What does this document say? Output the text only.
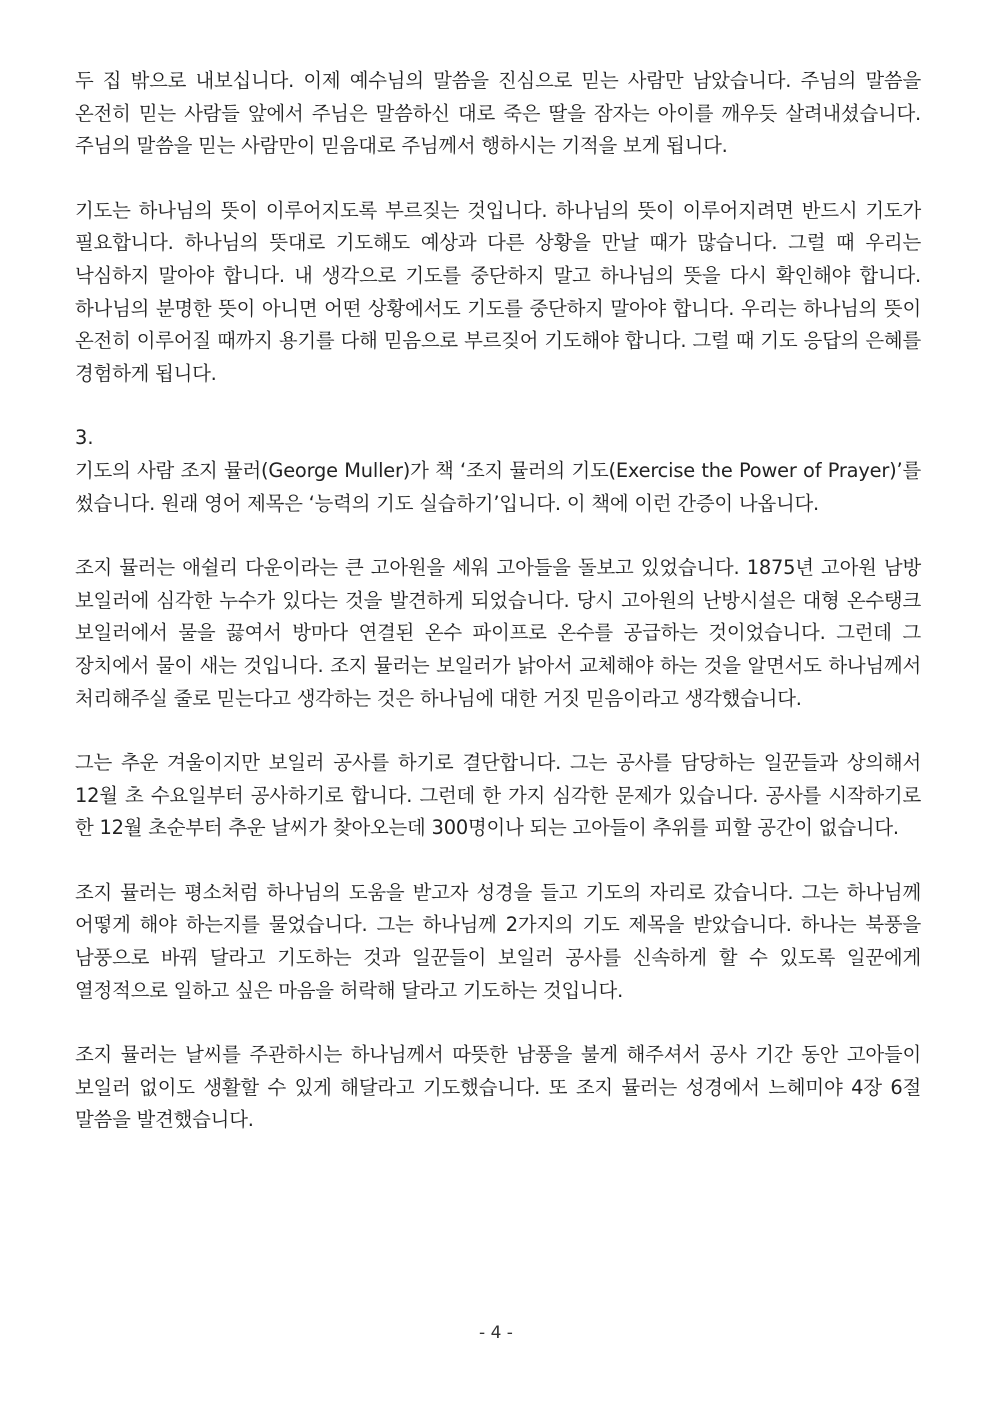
두 집 밖으로 내보십니다. 이제 예수님의 말씀을 진심으로 믿는 사람만 남았습니다. 주님의 말씀을 온전히 믿는 사람들 앞에서 주님은 말씀하신 대로 죽은 딸을 잠자는 아이를 깨우듯 살려내셨습니다. 주님의 말씀을 믿는 사람만이 믿음대로 주님께서 행하시는 기적을 보게 됩니다.

기도는 하나님의 뜻이 이루어지도록 부르짖는 것입니다. 하나님의 뜻이 이루어지려면 반드시 기도가 필요합니다. 하나님의 뜻대로 기도해도 예상과 다른 상황을 만날 때가 많습니다. 그럴 때 우리는 낙심하지 말아야 합니다. 내 생각으로 기도를 중단하지 말고 하나님의 뜻을 다시 확인해야 합니다. 하나님의 분명한 뜻이 아니면 어떤 상황에서도 기도를 중단하지 말아야 합니다. 우리는 하나님의 뜻이 온전히 이루어질 때까지 용기를 다해 믿음으로 부르짖어 기도해야 합니다. 그럴 때 기도 응답의 은혜를 경험하게 됩니다.

3.

기도의 사람 조지 뮬러(George Muller)가 책 ‘조지 뮬러의 기도(Exercise the Power of Prayer)’를 썼습니다. 원래 영어 제목은 ‘능력의 기도 실습하기’입니다. 이 책에 이런 간증이 나옵니다.

조지 뮬러는 애쉴리 다운이라는 큰 고아원을 세워 고아들을 돌보고 있었습니다. 1875년 고아원 남방 보일러에 심각한 누수가 있다는 것을 발견하게 되었습니다. 당시 고아원의 난방시설은 대형 온수탱크 보일러에서 물을 끓여서 방마다 연결된 온수 파이프로 온수를 공급하는 것이었습니다. 그런데 그 장치에서 물이 새는 것입니다. 조지 뮬러는 보일러가 낡아서 교체해야 하는 것을 알면서도 하나님께서 처리해주실 줄로 믿는다고 생각하는 것은 하나님에 대한 거짓 믿음이라고 생각했습니다.

그는 추운 겨울이지만 보일러 공사를 하기로 결단합니다. 그는 공사를 담당하는 일꾼들과 상의해서 12월 초 수요일부터 공사하기로 합니다. 그런데 한 가지 심각한 문제가 있습니다. 공사를 시작하기로 한 12월 초순부터 추운 날씨가 찾아오는데 300명이나 되는 고아들이 추위를 피할 공간이 없습니다.

조지 뮬러는 평소처럼 하나님의 도움을 받고자 성경을 들고 기도의 자리로 갔습니다. 그는 하나님께 어떻게 해야 하는지를 물었습니다. 그는 하나님께 2가지의 기도 제목을 받았습니다. 하나는 북풍을 남풍으로 바꿔 달라고 기도하는 것과 일꾼들이 보일러 공사를 신속하게 할 수 있도록 일꾼에게 열정적으로 일하고 싶은 마음을 허락해 달라고 기도하는 것입니다.

조지 뮬러는 날씨를 주관하시는 하나님께서 따뜻한 남풍을 불게 해주셔서 공사 기간 동안 고아들이 보일러 없이도 생활할 수 있게 해달라고 기도했습니다. 또 조지 뮬러는 성경에서 느헤미야 4장 6절 말씀을 발견했습니다.

- 4 -
